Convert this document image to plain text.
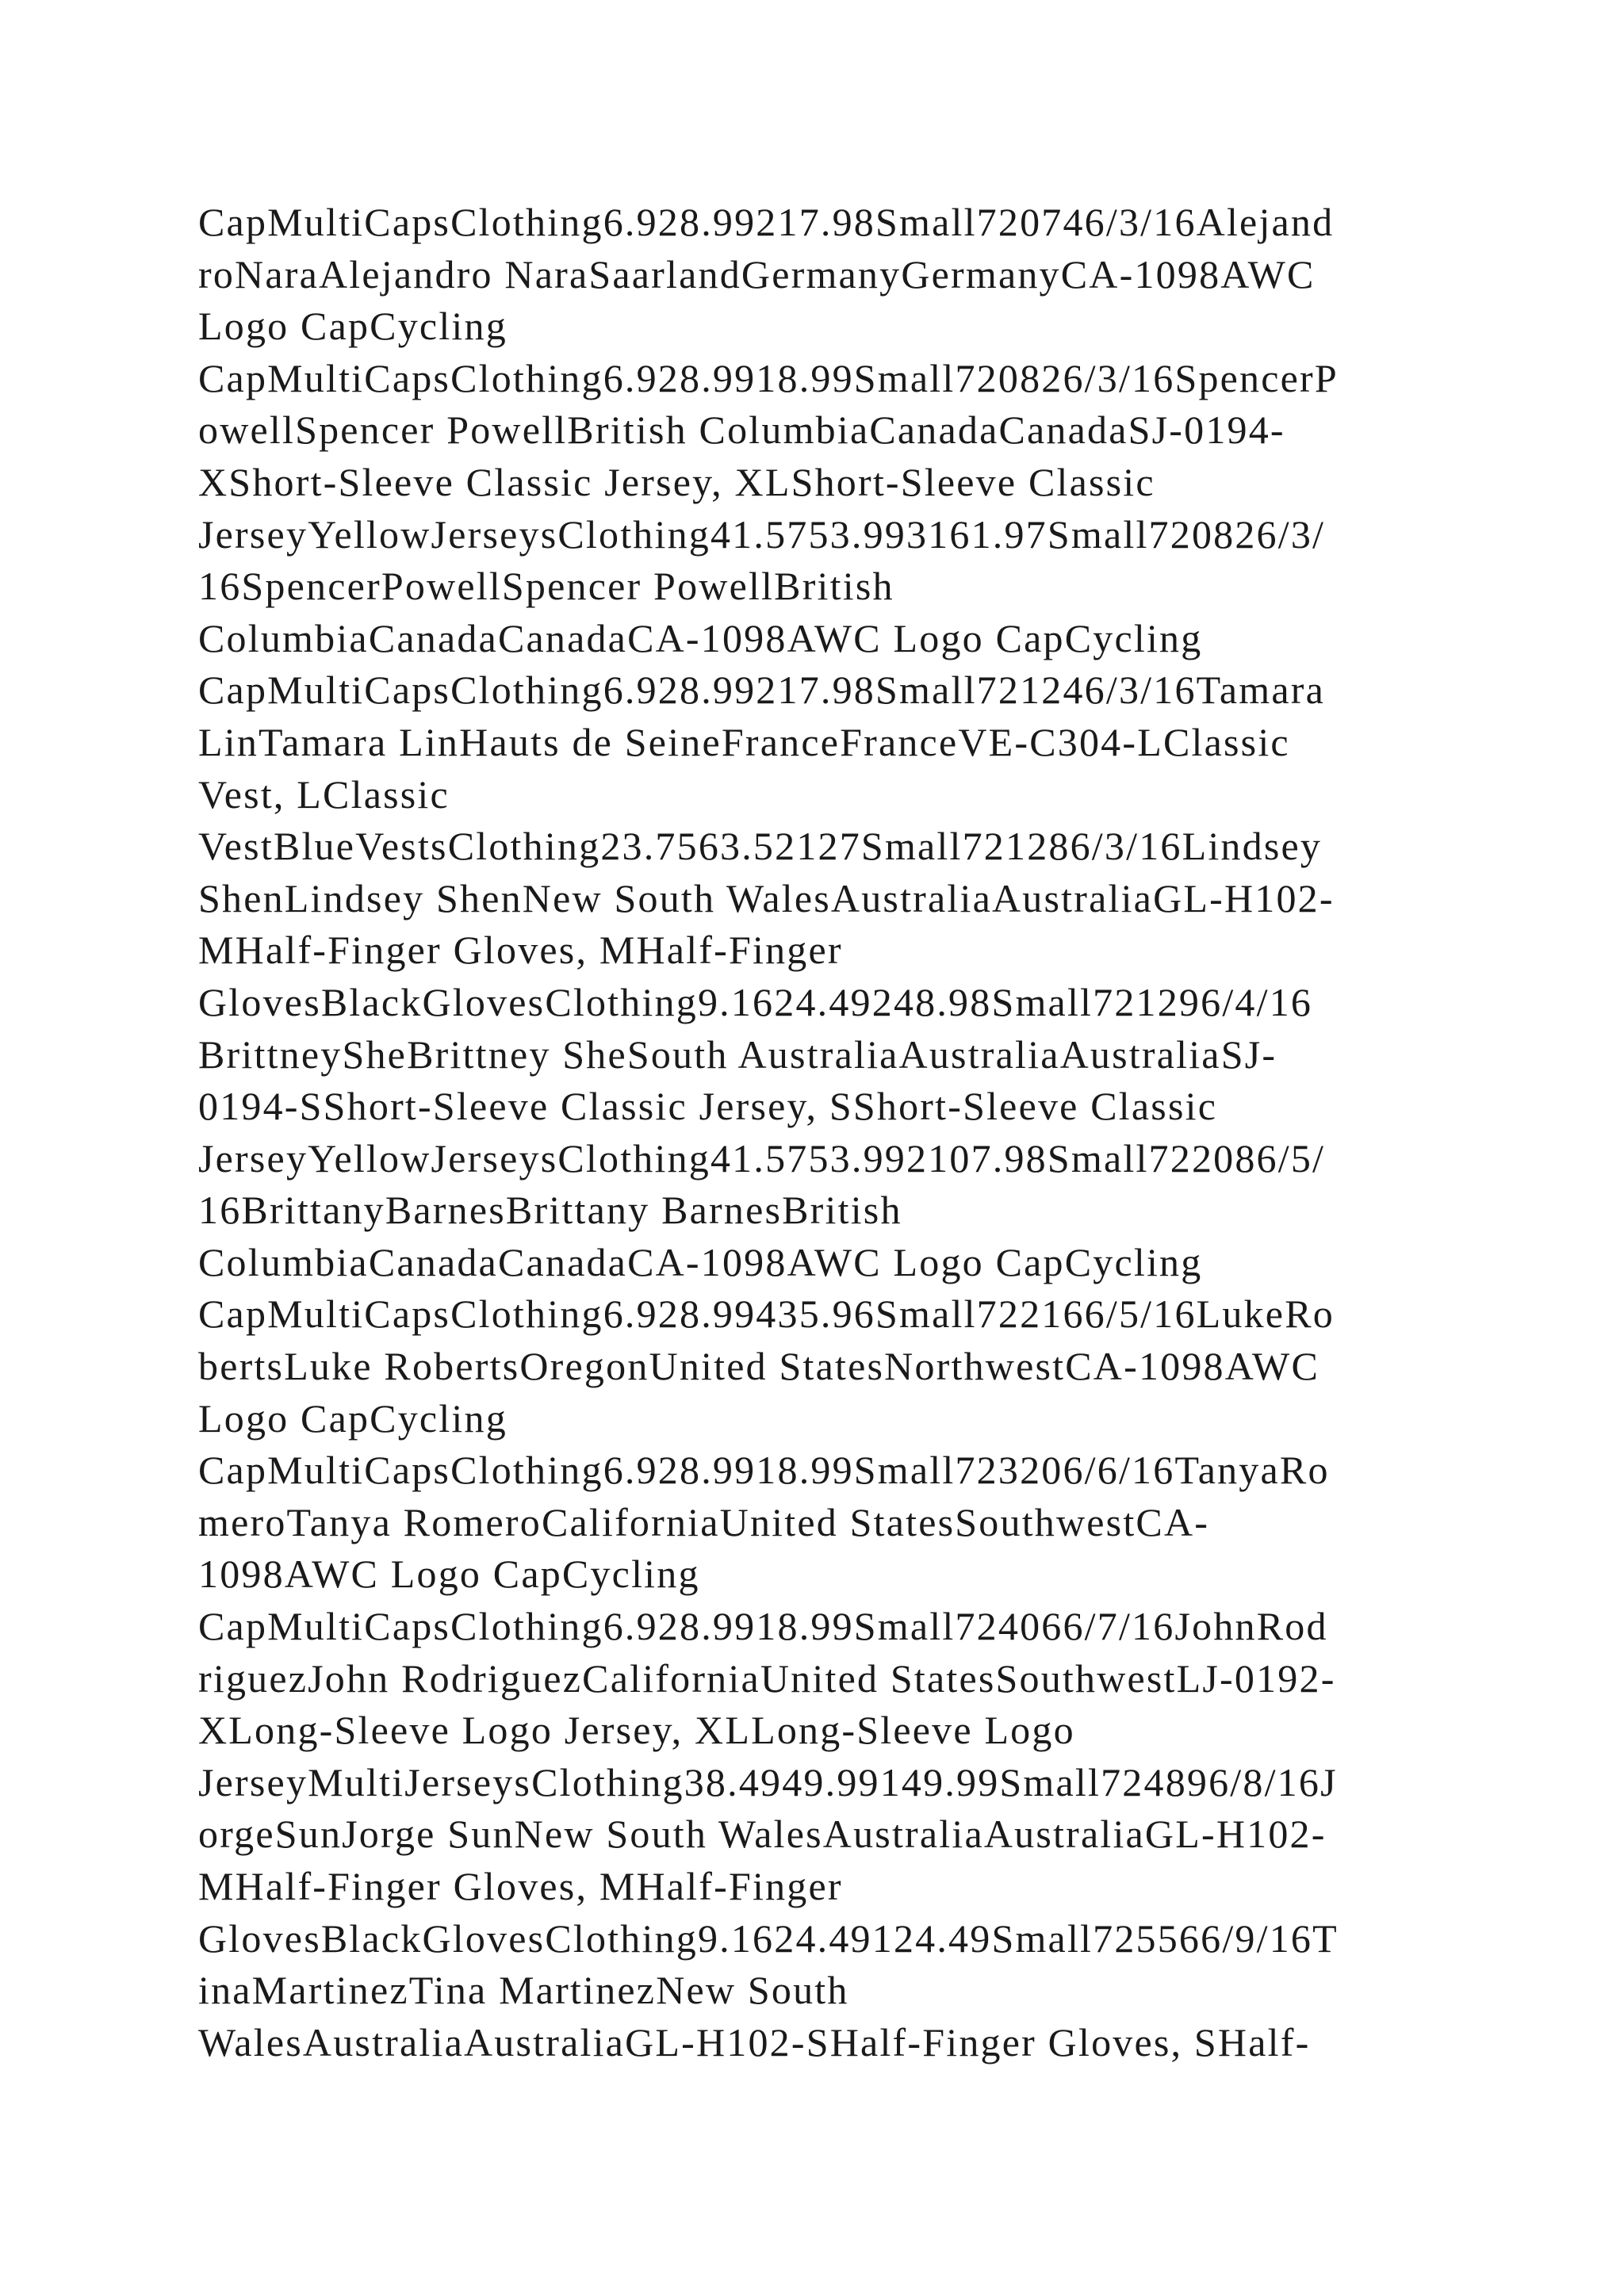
CapMultiCapsClothing6.928.99217.98Small720746/3/16Alejand
roNaraAlejandro NaraSaarlandGermanyGermanyCA-1098AWC
Logo CapCycling
CapMultiCapsClothing6.928.9918.99Small720826/3/16SpencerP
owellSpencer PowellBritish ColumbiaCanadaCanadaSJ-0194-
XShort-Sleeve Classic Jersey, XLShort-Sleeve Classic
JerseyYellowJerseysClothing41.5753.993161.97Small720826/3/
16SpencerPowellSpencer PowellBritish
ColumbiaCanadaCanadaCA-1098AWC Logo CapCycling
CapMultiCapsClothing6.928.99217.98Small721246/3/16Tamara
LinTamara LinHauts de SeineFranceFranceVE-C304-LClassic
Vest, LClassic
VestBlueVestsClothing23.7563.52127Small721286/3/16Lindsey
ShenLindsey ShenNew South WalesAustraliaAustraliaGL-H102-
MHalf-Finger Gloves, MHalf-Finger
GlovesBlackGlovesClothing9.1624.49248.98Small721296/4/16
BrittneySheBrittney SheSouth AustraliaAustraliaAustraliaSJ-
0194-SShort-Sleeve Classic Jersey, SShort-Sleeve Classic
JerseyYellowJerseysClothing41.5753.992107.98Small722086/5/
16BrittanyBarnesBrittany BarnesBritish
ColumbiaCanadaCanadaCA-1098AWC Logo CapCycling
CapMultiCapsClothing6.928.99435.96Small722166/5/16LukeRo
bertsLuke RobertsOregonUnited StatesNorthwestCA-1098AWC
Logo CapCycling
CapMultiCapsClothing6.928.9918.99Small723206/6/16TanyaRo
meroTanya RomeroCaliforniaUnited StatesSouthwestCA-
1098AWC Logo CapCycling
CapMultiCapsClothing6.928.9918.99Small724066/7/16JohnRod
riguezJohn RodriguezCaliforniaUnited StatesSouthwestLJ-0192-
XLong-Sleeve Logo Jersey, XLLong-Sleeve Logo
JerseyMultiJerseysClothing38.4949.99149.99Small724896/8/16J
orgeSunJorge SunNew South WalesAustraliaAustraliaGL-H102-
MHalf-Finger Gloves, MHalf-Finger
GlovesBlackGlovesClothing9.1624.49124.49Small725566/9/16T
inaMartinezTina MartinezNew South
WalesAustraliaAustraliaGL-H102-SHalf-Finger Gloves, SHalf-
